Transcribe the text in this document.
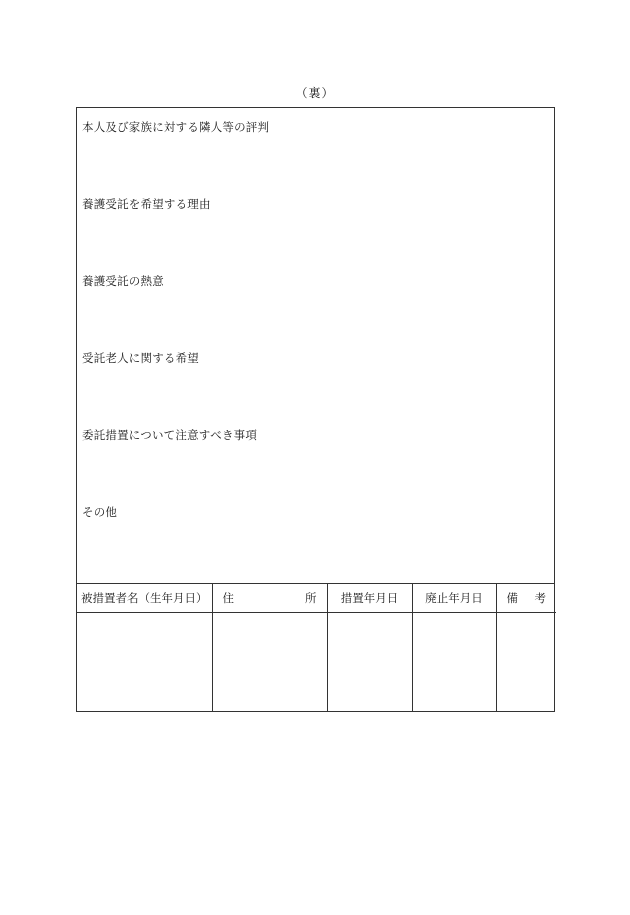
（裏）
本人及び家族に対する隣人等の評判
養護受託を希望する理由
養護受託の熱意
受託老人に関する希望
委託措置について注意すべき事項
その他
被措置者名（生年月日）	住 所	措置年月日	廃止年月日	備 考
